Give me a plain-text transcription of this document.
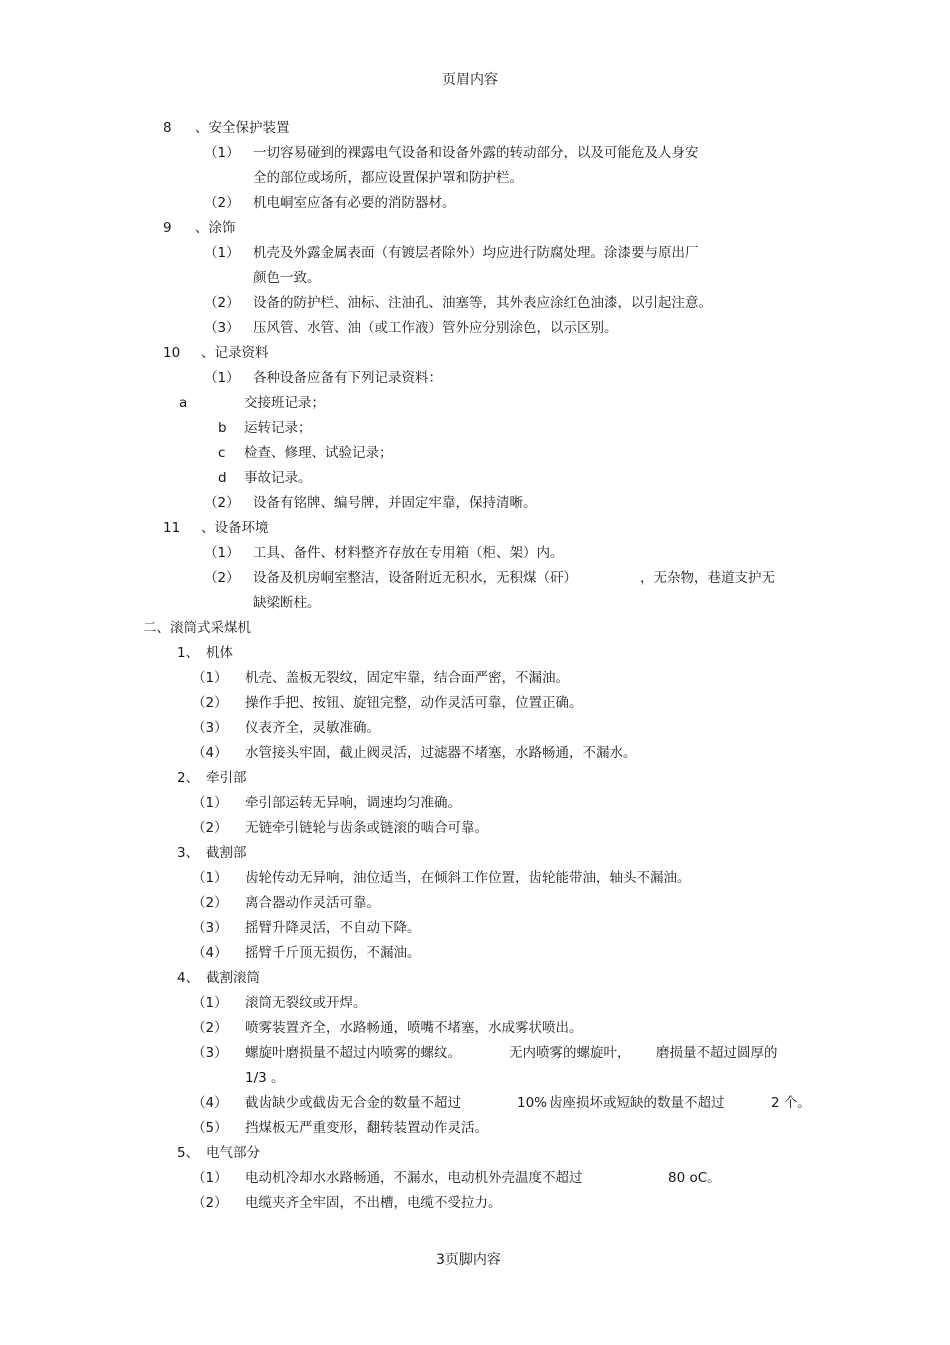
页眉内容
8 、安全保护装置
（1） 一切容易碰到的裸露电气设备和设备外露的转动部分，以及可能危及人身安
全的部位或场所，都应设置保护罩和防护栏。
（2） 机电峒室应备有必要的消防器材。
9 、涂饰
（1） 机壳及外露金属表面（有镀层者除外）均应进行防腐处理。涂漆要与原出厂
颜色一致。
（2） 设备的防护栏、油标、注油孔、油塞等，其外表应涂红色油漆，以引起注意。
（3） 压风管、水管、油（或工作液）管外应分别涂色，以示区别。
10 、记录资料
（1） 各种设备应备有下列记录资料：
a	交接班记录；
b 运转记录；
c 检查、修理、试验记录；
d 事故记录。
（2） 设备有铭牌、编号牌，并固定牢靠，保持清晰。
11 、设备环境
（1） 工具、备件、材料整齐存放在专用箱（柜、架）内。
（2） 设备及机房峒室整洁，设备附近无积水，无积煤（矸）	，无杂物，巷道支护无
缺梁断柱。
二、滚筒式采煤机
1、 机体
（1） 机壳、盖板无裂纹，固定牢靠，结合面严密，不漏油。
（2） 操作手把、按钮、旋钮完整，动作灵活可靠，位置正确。
（3） 仪表齐全，灵敏准确。
（4） 水管接头牢固，截止阀灵活，过滤器不堵塞，水路畅通，不漏水。
2、 牵引部
（1） 牵引部运转无异响，调速均匀准确。
（2） 无链牵引链轮与齿条或链滚的啮合可靠。
3、 截割部
（1） 齿轮传动无异响，油位适当，在倾斜工作位置，齿轮能带油，轴头不漏油。
（2） 离合器动作灵活可靠。
（3） 摇臂升降灵活，不自动下降。
（4） 摇臂千斤顶无损伤，不漏油。
4、 截割滚筒
（1） 滚筒无裂纹或开焊。
（2） 喷雾装置齐全，水路畅通，喷嘴不堵塞，水成雾状喷出。
（3） 螺旋叶磨损量不超过内喷雾的螺纹。	无内喷雾的螺旋叶， 磨损量不超过圆厚的
1/3 。
（4） 截齿缺少或截齿无合金的数量不超过	10% 齿座损坏或短缺的数量不超过	2 个。
（5） 挡煤板无严重变形，翻转装置动作灵活。
5、 电气部分
（1） 电动机冷却水水路畅通，不漏水，电动机外壳温度不超过	80 oC。
（2） 电缆夹齐全牢固，不出槽，电缆不受拉力。
3页脚内容
